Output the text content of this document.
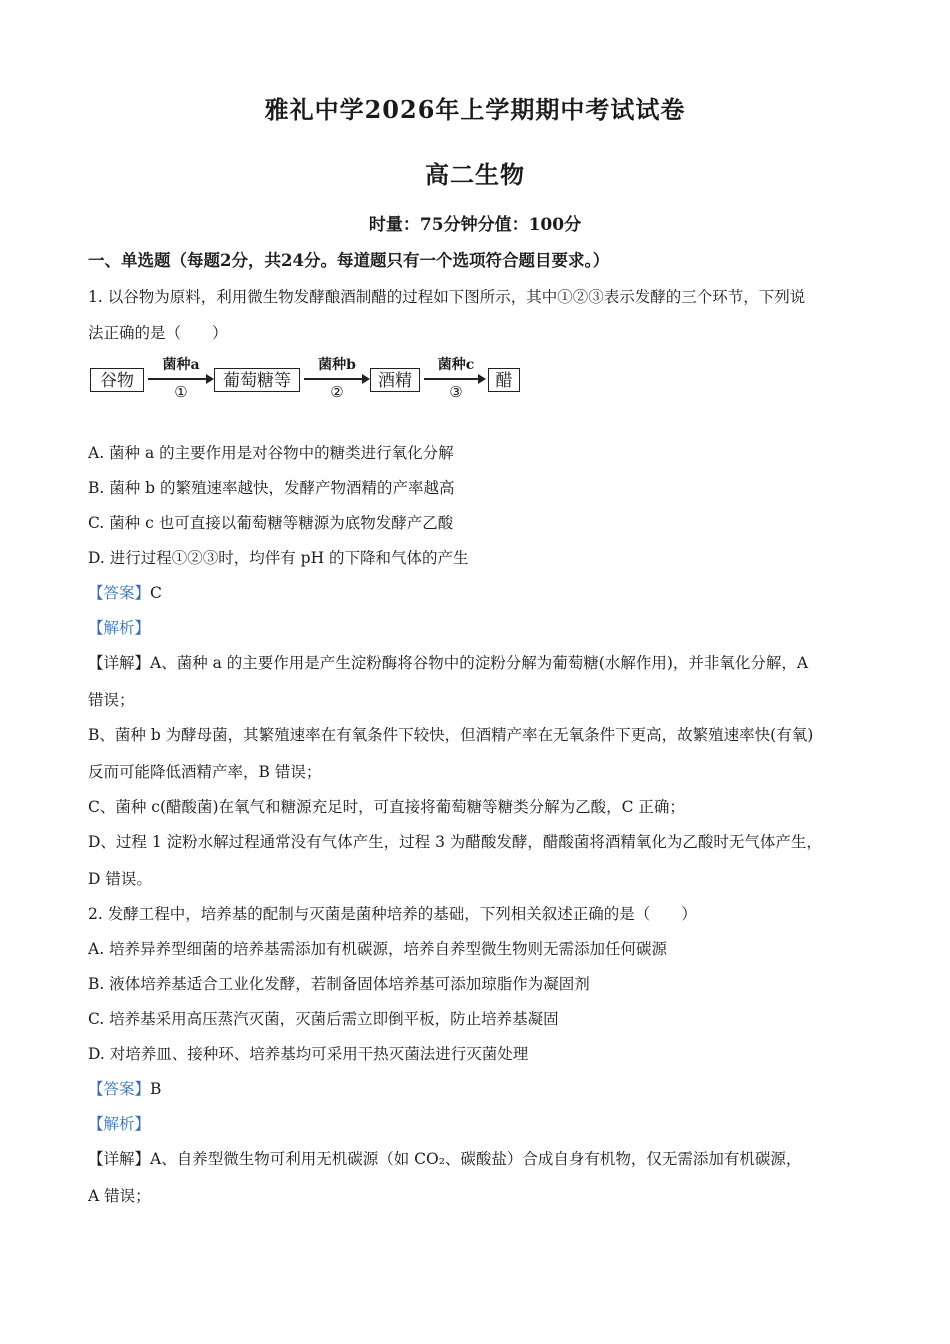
雅礼中学2026年上学期期中考试试卷
高二生物
时量：75分钟分值：100分
一、单选题（每题2分，共24分。每道题只有一个选项符合题目要求。）
1. 以谷物为原料，利用微生物发酵酿酒制醋的过程如下图所示，其中①②③表示发酵的三个环节，下列说
法正确的是（　　）
谷物
菌种a
①
葡萄糖等
菌种b
②
酒精
菌种c
③
醋
A. 菌种 a 的主要作用是对谷物中的糖类进行氧化分解
B. 菌种 b 的繁殖速率越快，发酵产物酒精的产率越高
C. 菌种 c 也可直接以葡萄糖等糖源为底物发酵产乙酸
D. 进行过程①②③时，均伴有 pH 的下降和气体的产生
【答案】C
【解析】
【详解】A、菌种 a 的主要作用是产生淀粉酶将谷物中的淀粉分解为葡萄糖(水解作用)，并非氧化分解，A
错误；
B、菌种 b 为酵母菌，其繁殖速率在有氧条件下较快，但酒精产率在无氧条件下更高，故繁殖速率快(有氧)
反而可能降低酒精产率，B 错误；
C、菌种 c(醋酸菌)在氧气和糖源充足时，可直接将葡萄糖等糖类分解为乙酸，C 正确；
D、过程 1 淀粉水解过程通常没有气体产生，过程 3 为醋酸发酵，醋酸菌将酒精氧化为乙酸时无气体产生，
D 错误。
2. 发酵工程中，培养基的配制与灭菌是菌种培养的基础，下列相关叙述正确的是（　　）
A. 培养异养型细菌的培养基需添加有机碳源，培养自养型微生物则无需添加任何碳源
B. 液体培养基适合工业化发酵，若制备固体培养基可添加琼脂作为凝固剂
C. 培养基采用高压蒸汽灭菌，灭菌后需立即倒平板，防止培养基凝固
D. 对培养皿、接种环、培养基均可采用干热灭菌法进行灭菌处理
【答案】B
【解析】
【详解】A、自养型微生物可利用无机碳源（如 CO₂、碳酸盐）合成自身有机物，仅无需添加有机碳源，
A 错误；
